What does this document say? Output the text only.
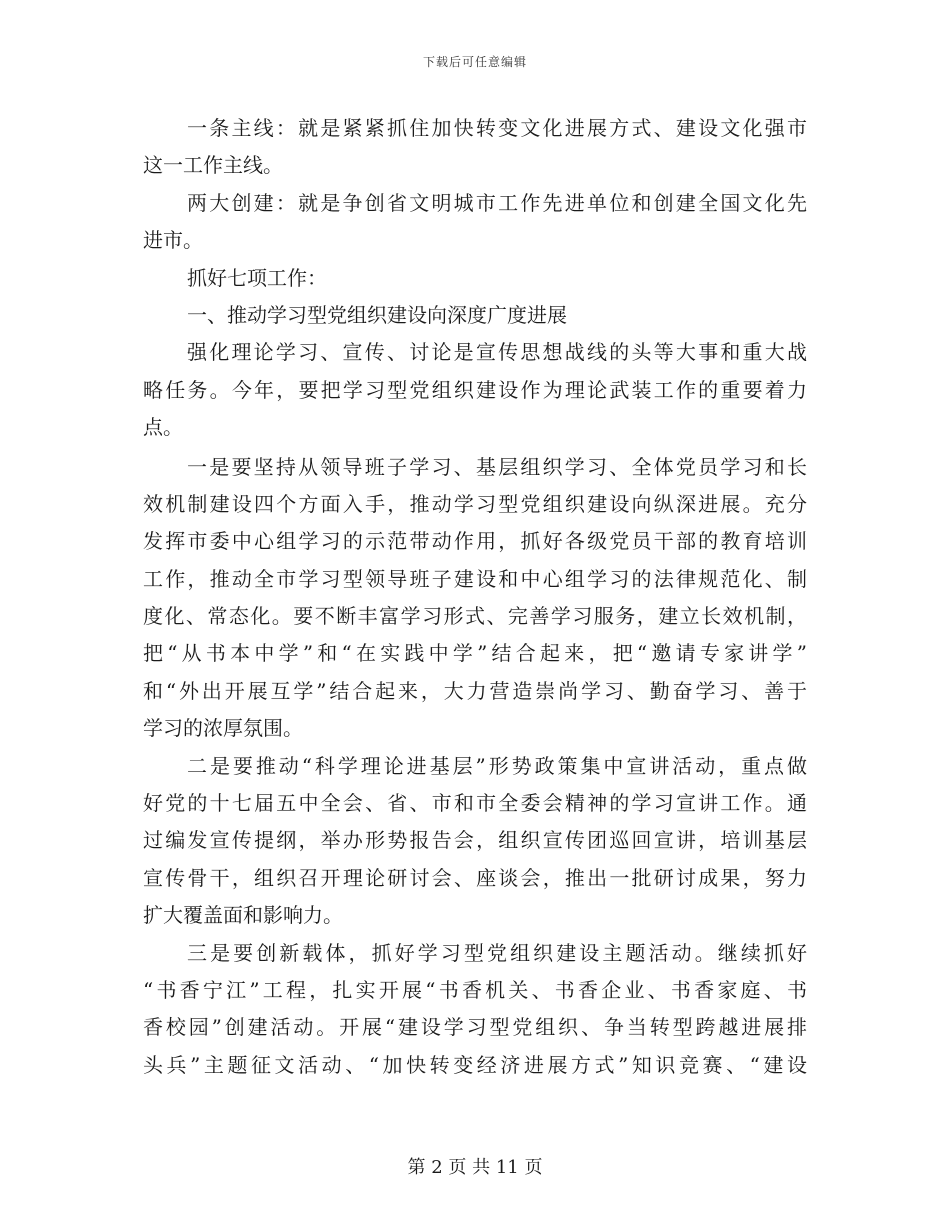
下载后可任意编辑
一条主线：就是紧紧抓住加快转变文化进展方式、建设文化强市
这一工作主线。
两大创建：就是争创省文明城市工作先进单位和创建全国文化先
进市。
抓好七项工作：
一、推动学习型党组织建设向深度广度进展
强化理论学习、宣传、讨论是宣传思想战线的头等大事和重大战
略任务。今年，要把学习型党组织建设作为理论武装工作的重要着力
点。
一是要坚持从领导班子学习、基层组织学习、全体党员学习和长
效机制建设四个方面入手，推动学习型党组织建设向纵深进展。充分
发挥市委中心组学习的示范带动作用，抓好各级党员干部的教育培训
工作，推动全市学习型领导班子建设和中心组学习的法律规范化、制
度化、常态化。要不断丰富学习形式、完善学习服务，建立长效机制，
把“从书本中学”和“在实践中学”结合起来，把“邀请专家讲学”
和“外出开展互学”结合起来，大力营造崇尚学习、勤奋学习、善于
学习的浓厚氛围。
二是要推动“科学理论进基层”形势政策集中宣讲活动，重点做
好党的十七届五中全会、省、市和市全委会精神的学习宣讲工作。通
过编发宣传提纲，举办形势报告会，组织宣传团巡回宣讲，培训基层
宣传骨干，组织召开理论研讨会、座谈会，推出一批研讨成果，努力
扩大覆盖面和影响力。
三是要创新载体，抓好学习型党组织建设主题活动。继续抓好
“书香宁江”工程，扎实开展“书香机关、书香企业、书香家庭、书
香校园”创建活动。开展“建设学习型党组织、争当转型跨越进展排
头兵”主题征文活动、“加快转变经济进展方式”知识竞赛、“建设
第 2 页 共 11 页
